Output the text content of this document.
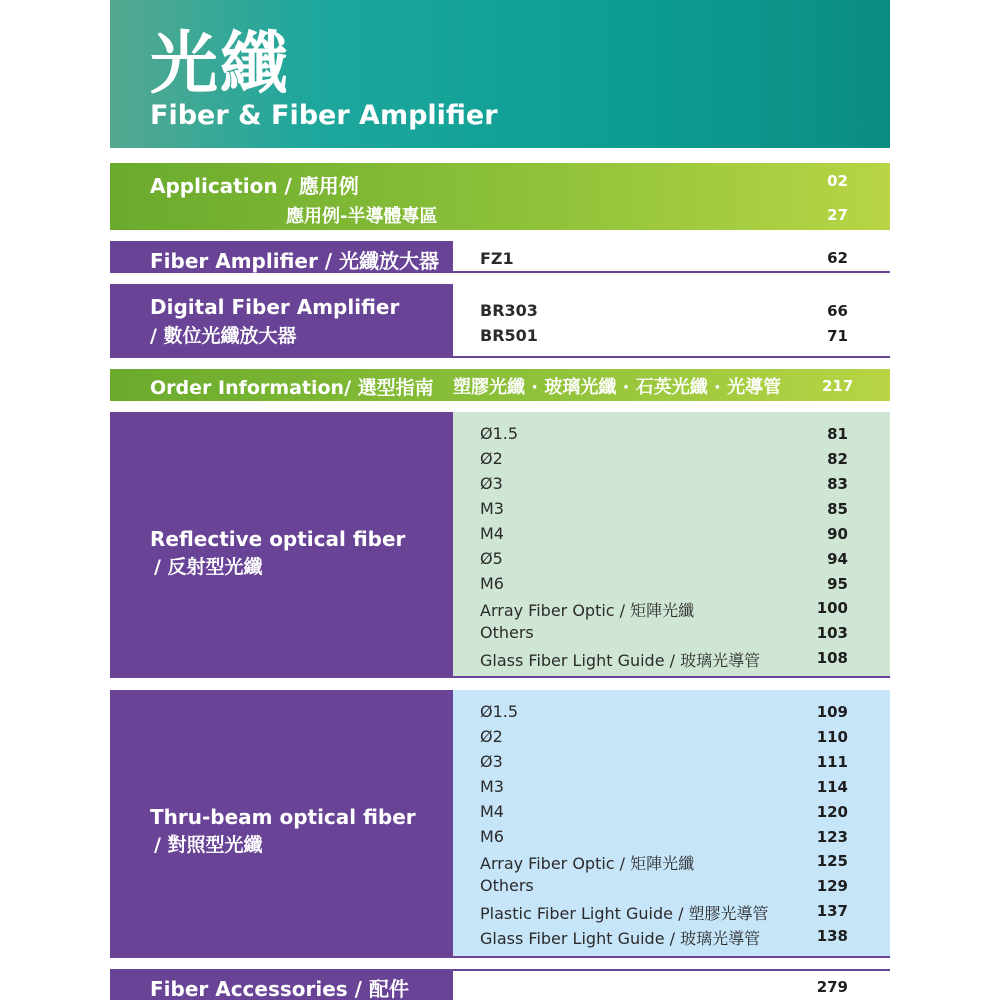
光纖
Fiber & Fiber Amplifier
Application / 應用例	02
應用例-半導體專區	27
Fiber Amplifier / 光纖放大器	FZ1	62
Digital Fiber Amplifier
/ 數位光纖放大器
BR303	66
BR501	71
Order Information/ 選型指南 塑膠光纖 · 玻璃光纖 · 石英光纖 · 光導管	217
Reflective optical fiber
/ 反射型光纖
Ø1.5	81
Ø2	82
Ø3	83
M3	85
M4	90
Ø5	94
M6	95
Array Fiber Optic / 矩陣光纖	100
Others	103
Glass Fiber Light Guide / 玻璃光導管	108
Thru-beam optical fiber
/ 對照型光纖
Ø1.5	109
Ø2	110
Ø3	111
M3	114
M4	120
M6	123
Array Fiber Optic / 矩陣光纖	125
Others	129
Plastic Fiber Light Guide / 塑膠光導管	137
Glass Fiber Light Guide / 玻璃光導管	138
Fiber Accessories / 配件	279
